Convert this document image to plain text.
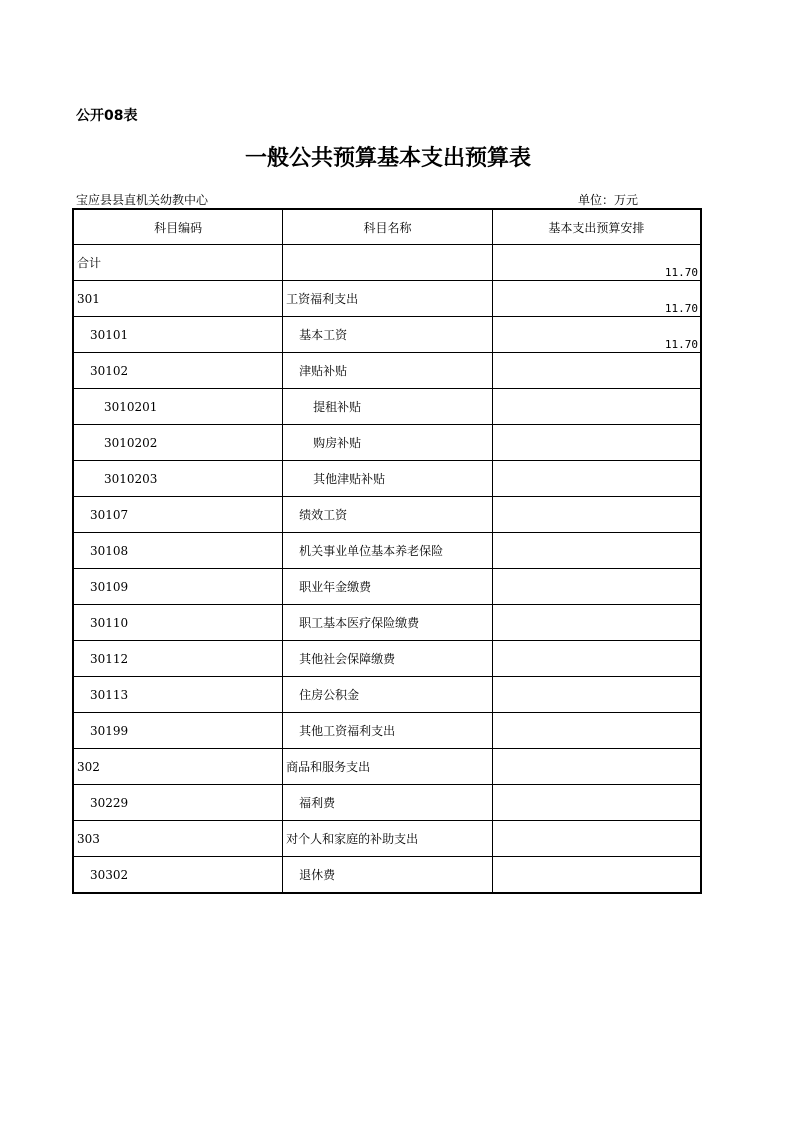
公开08表
一般公共预算基本支出预算表
宝应县县直机关幼教中心	单位：万元
科目编码	科目名称	基本支出预算安排
合计		11.70
301	工资福利支出	11.70
30101	基本工资	11.70
30102	津贴补贴	
3010201	提租补贴	
3010202	购房补贴	
3010203	其他津贴补贴	
30107	绩效工资	
30108	机关事业单位基本养老保险	
30109	职业年金缴费	
30110	职工基本医疗保险缴费	
30112	其他社会保障缴费	
30113	住房公积金	
30199	其他工资福利支出	
302	商品和服务支出	
30229	福利费	
303	对个人和家庭的补助支出	
30302	退休费	
